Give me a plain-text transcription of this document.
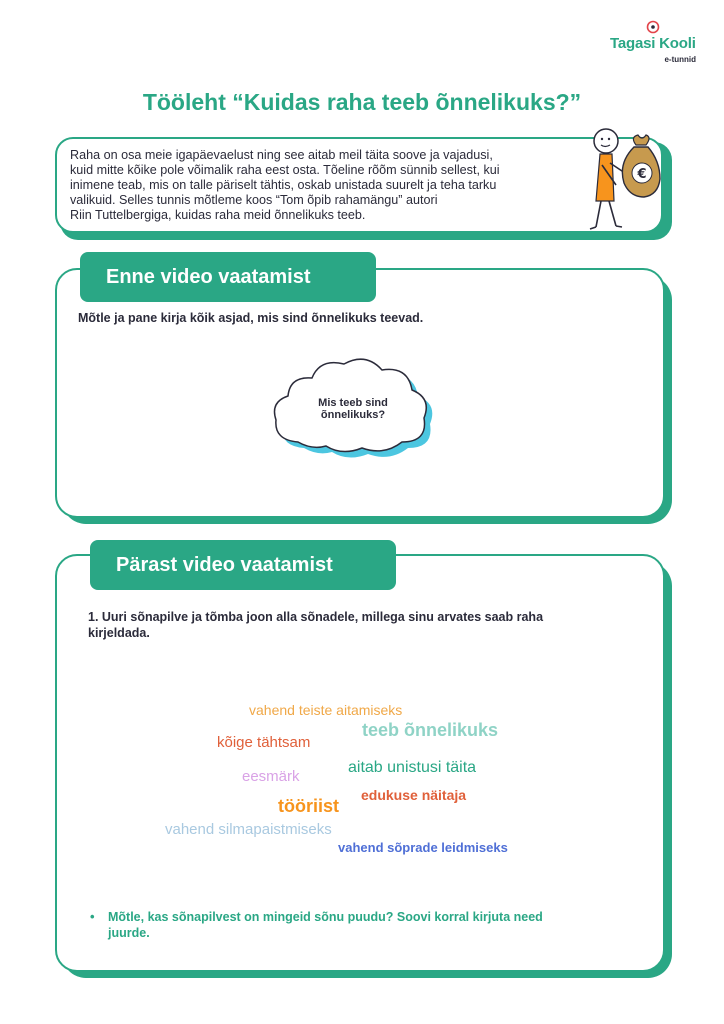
Tagasi Kooli
e-tunnid
Tööleht “Kuidas raha teeb õnnelikuks?”

Raha on osa meie igapäevaelust ning see aitab meil täita soove ja vajadusi,
kuid mitte kõike pole võimalik raha eest osta. Tõeline rõõm sünnib sellest, kui
inimene teab, mis on talle päriselt tähtis, oskab unistada suurelt ja teha tarku
valikuid. Selles tunnis mõtleme koos “Tom õpib rahamängu” autori
Riin Tuttelbergiga, kuidas raha meid õnnelikuks teeb.

€
Enne video vaatamist

Mõtle ja pane kirja kõik asjad, mis sind õnnelikuks teevad.

Mis teeb sind
õnnelikuks?
Pärast video vaatamist
1. Uuri sõnapilve ja tõmba joon alla sõnadele, millega sinu arvates saab raha
kirjeldada.
vahend teiste aitamiseks
teeb õnnelikuks
kõige tähtsam
eesmärk
aitab unistusi täita
edukuse näitaja
tööriist
vahend silmapaistmiseks
vahend sõprade leidmiseks
•	Mõtle, kas sõnapilvest on mingeid sõnu puudu? Soovi korral kirjuta need
juurde.
